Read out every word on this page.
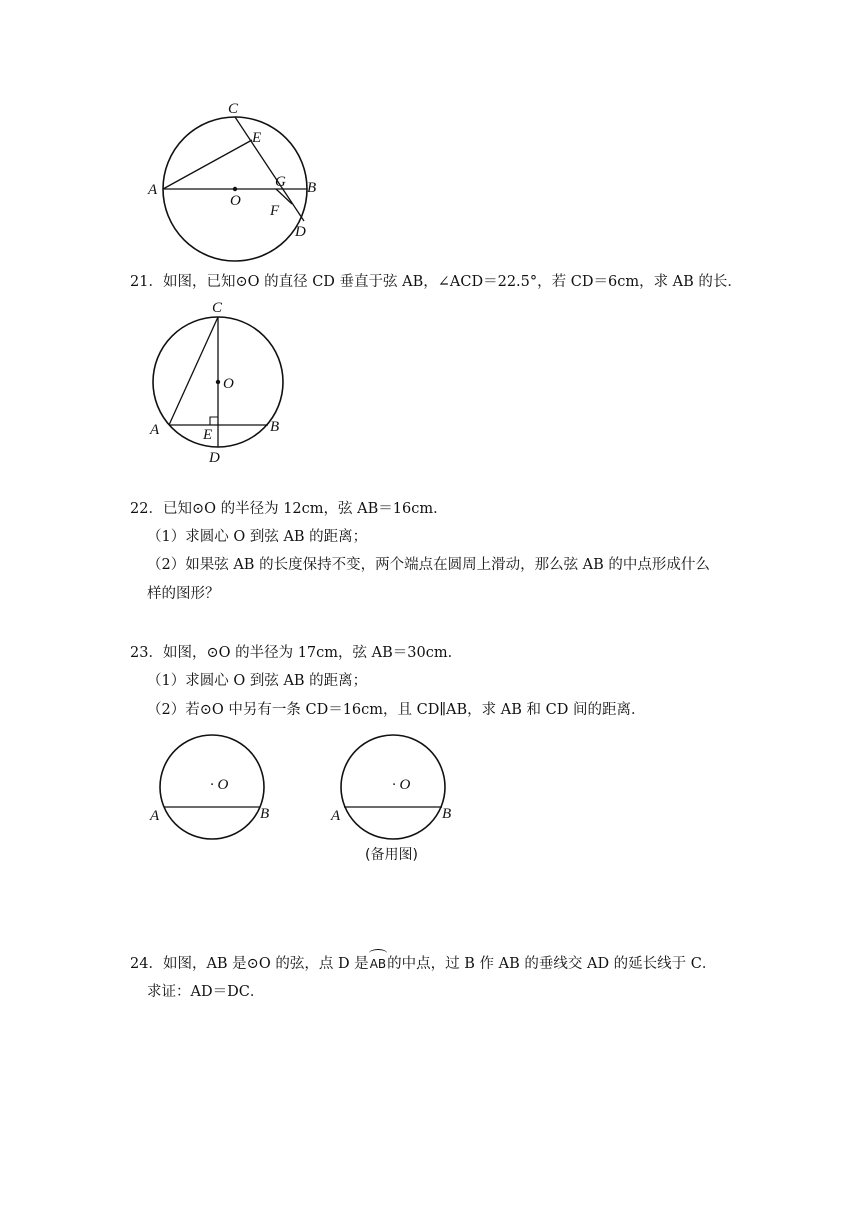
C
E
A
O
G B
F
D
21．如图，已知⊙O 的直径 CD 垂直于弦 AB，∠ACD＝22.5°，若 CD＝6cm，求 AB 的长．
C
O
A	E	B
D
22．已知⊙O 的半径为 12cm，弦 AB＝16cm．
（1）求圆心 O 到弦 AB 的距离；
（2）如果弦 AB 的长度保持不变，两个端点在圆周上滑动，那么弦 AB 的中点形成什么
样的图形？
23．如图，⊙O 的半径为 17cm，弦 AB＝30cm．
（1）求圆心 O 到弦 AB 的距离；
（2）若⊙O 中另有一条 CD＝16cm，且 CD∥AB，求 AB 和 CD 间的距离．
· O
A	B
· O
A	B
(备用图)
24．如图，AB 是⊙O 的弦，点 D 是AB的中点，过 B 作 AB 的垂线交 AD 的延长线于 C．
求证：AD＝DC．
